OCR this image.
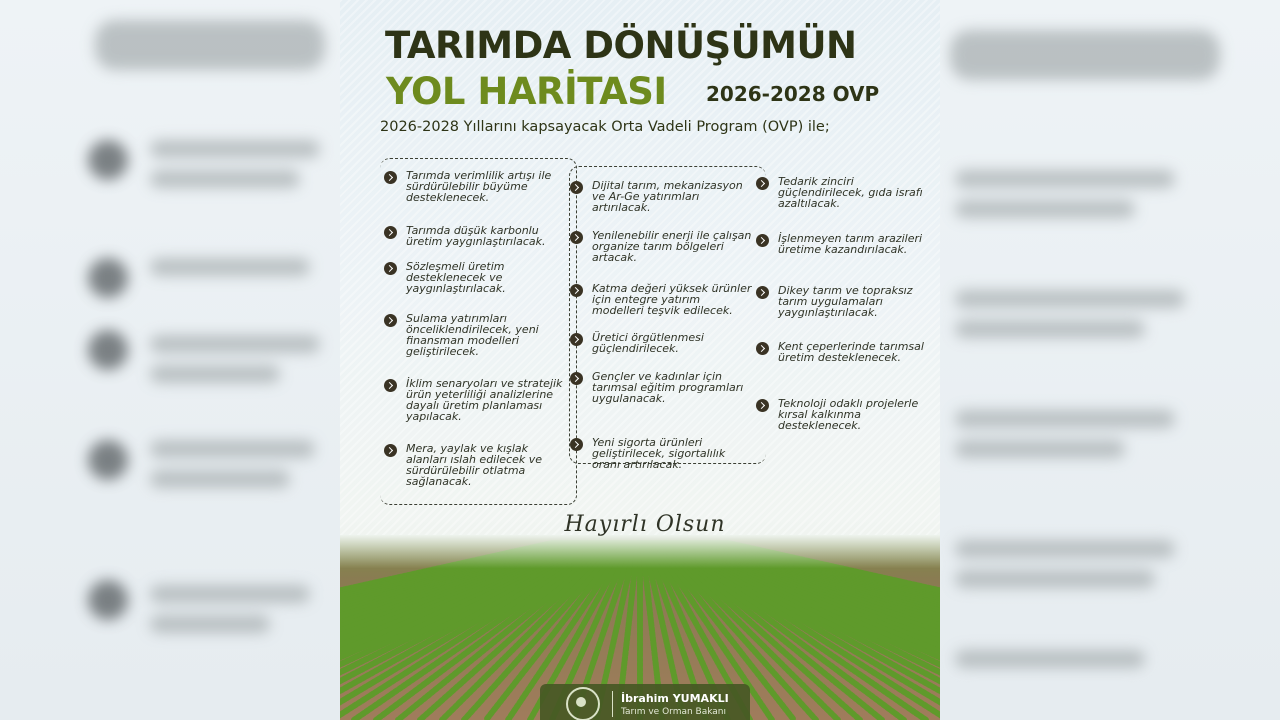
TARIMDA DÖNÜŞÜMÜN
YOL HARİTASI 2026-2028 OVP
2026-2028 Yıllarını kapsayacak Orta Vadeli Program (OVP) ile;
Tarımda verimlilik artışı ile sürdürülebilir büyüme desteklenecek.
Tarımda düşük karbonlu üretim yaygınlaştırılacak.
Sözleşmeli üretim desteklenecek ve yaygınlaştırılacak.
Sulama yatırımları önceliklendirilecek, yeni finansman modelleri geliştirilecek.
İklim senaryoları ve stratejik ürün yeterliliği analizlerine dayalı üretim planlaması yapılacak.
Mera, yaylak ve kışlak alanları ıslah edilecek ve sürdürülebilir otlatma sağlanacak.
Dijital tarım, mekanizasyon ve Ar-Ge yatırımları artırılacak.
Yenilenebilir enerji ile çalışan organize tarım bölgeleri artacak.
Katma değeri yüksek ürünler için entegre yatırım modelleri teşvik edilecek.
Üretici örgütlenmesi güçlendirilecek.
Gençler ve kadınlar için tarımsal eğitim programları uygulanacak.
Yeni sigorta ürünleri geliştirilecek, sigortalılık oranı artırılacak.
Tedarik zinciri güçlendirilecek, gıda israfı azaltılacak.
İşlenmeyen tarım arazileri üretime kazandırılacak.
Dikey tarım ve topraksız tarım uygulamaları yaygınlaştırılacak.
Kent çeperlerinde tarımsal üretim desteklenecek.
Teknoloji odaklı projelerle kırsal kalkınma desteklenecek.
Hayırlı Olsun
İbrahim YUMAKLI
Tarım ve Orman Bakanı
